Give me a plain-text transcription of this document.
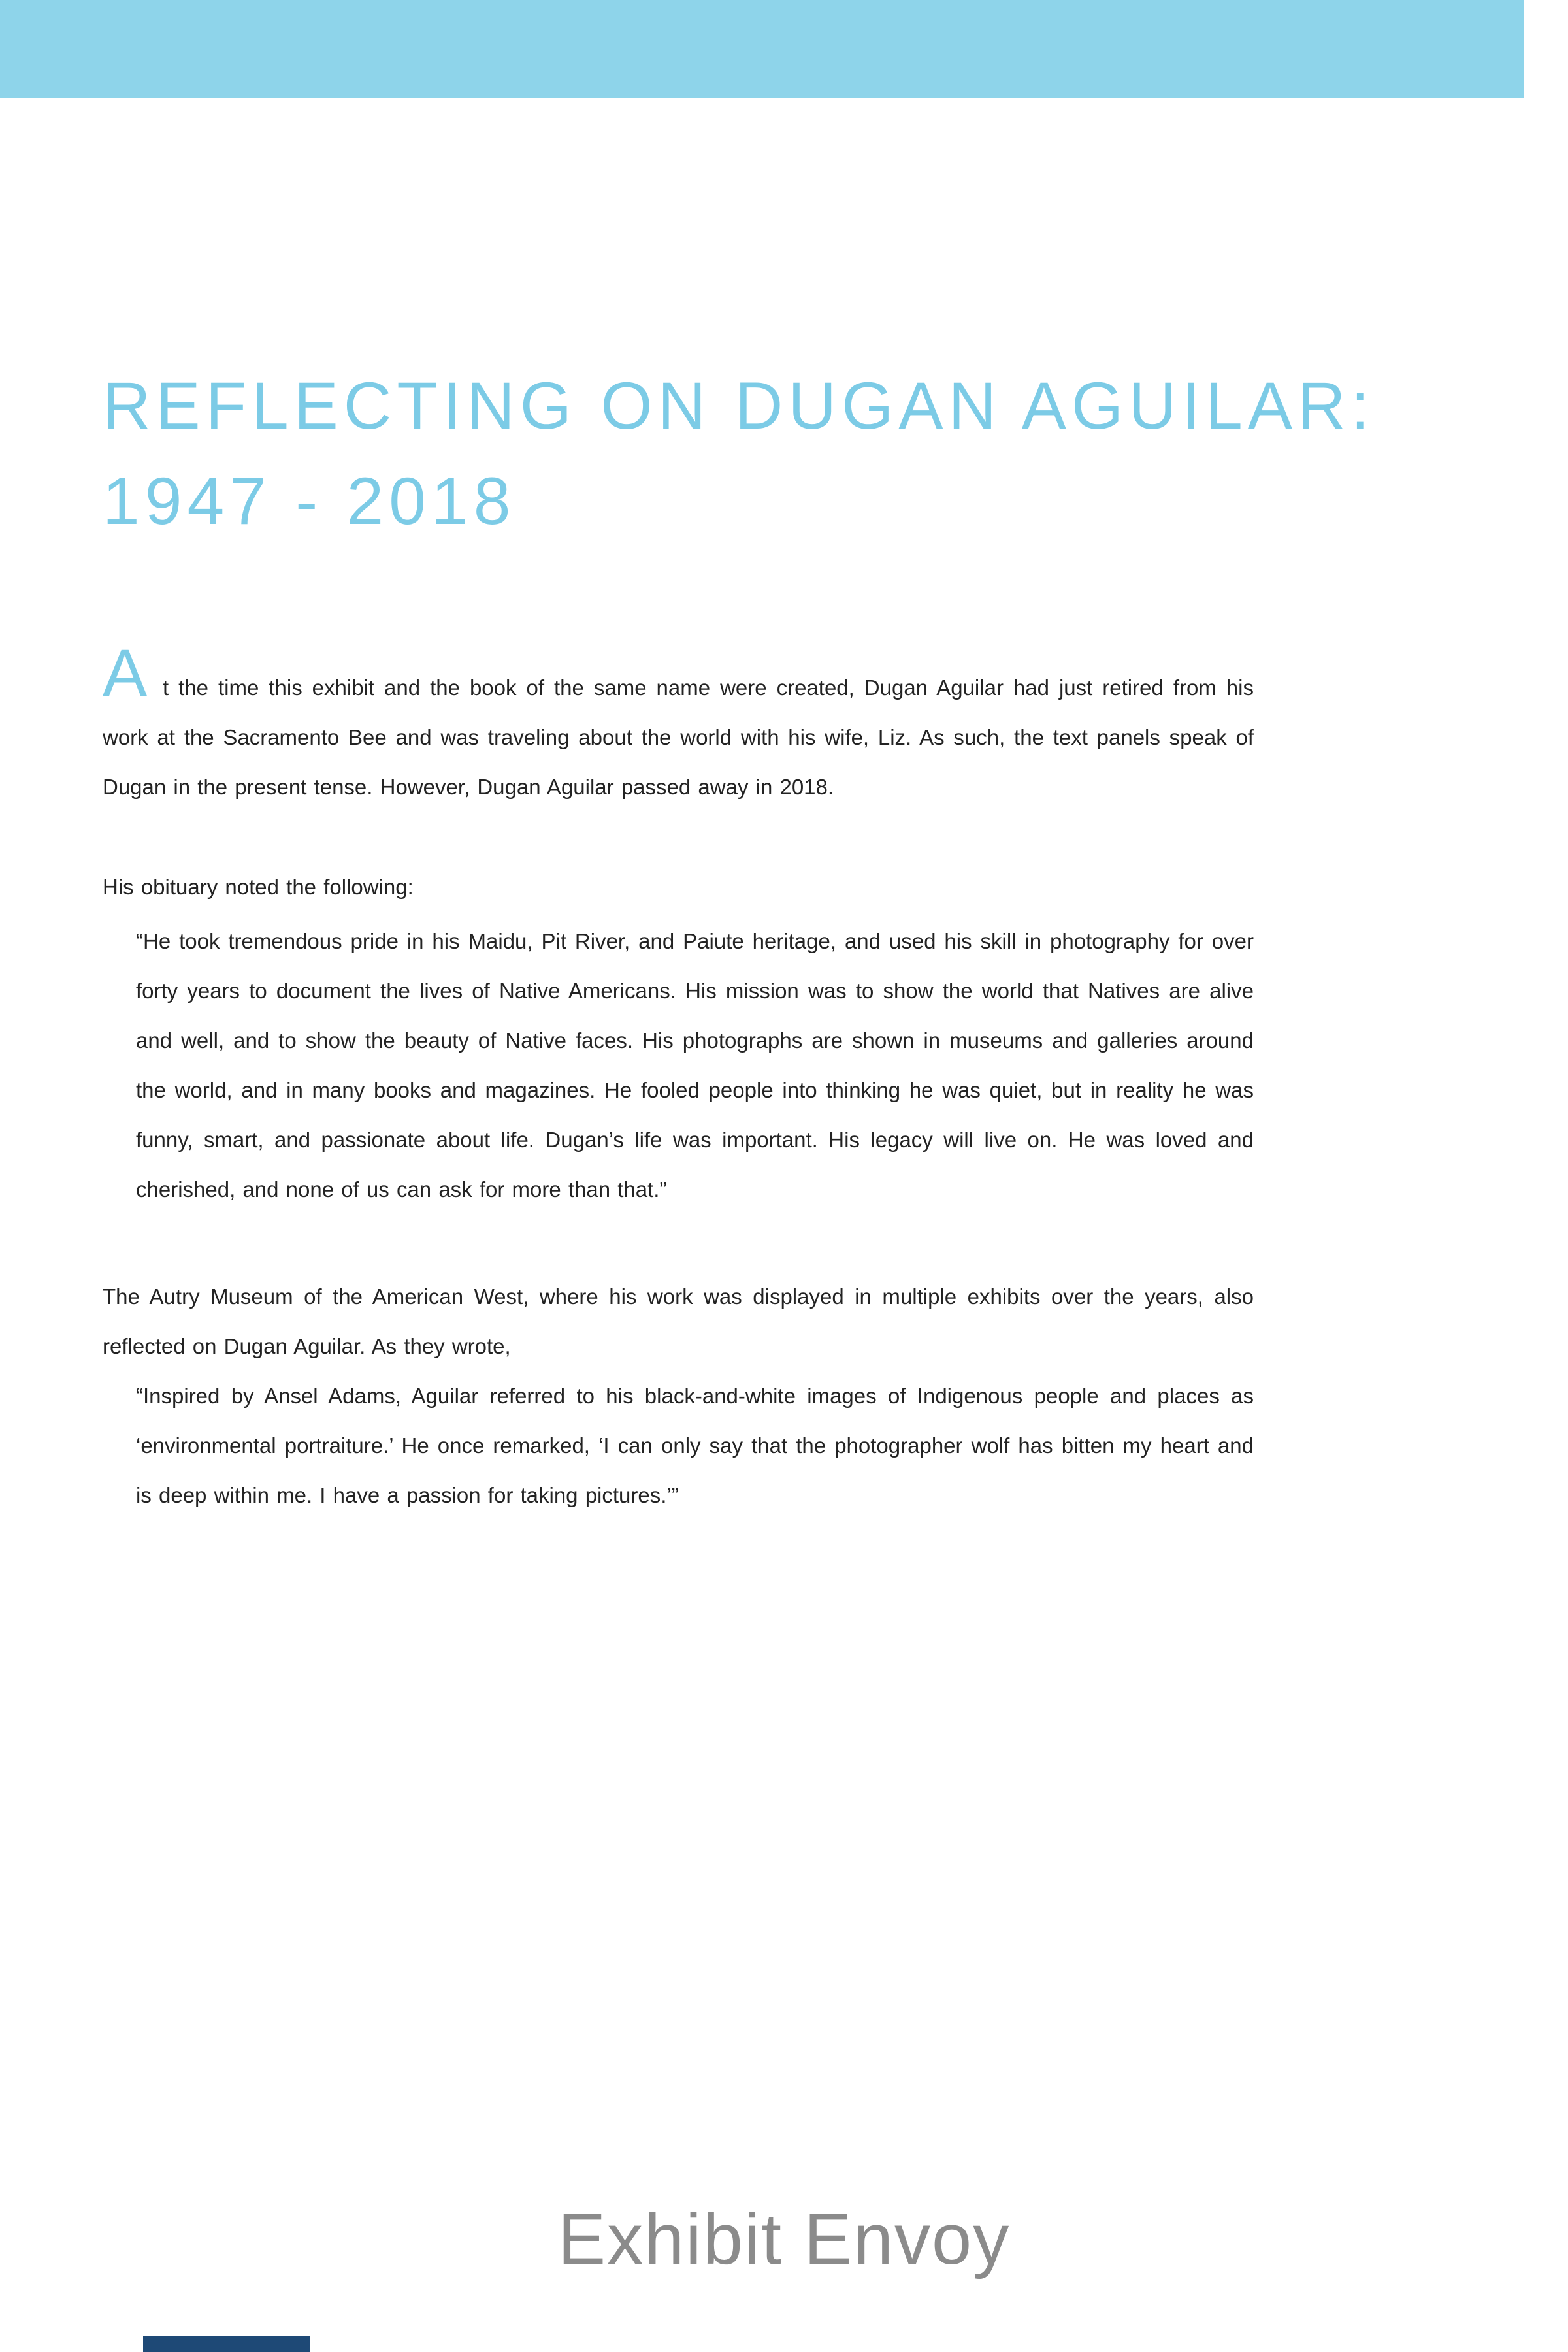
REFLECTING ON DUGAN AGUILAR:
1947 - 2018
A t the time this exhibit and the book of the same name were created, Dugan Aguilar had just retired from his work at the Sacramento Bee and was traveling about the world with his wife, Liz. As such, the text panels speak of Dugan in the present tense. However, Dugan Aguilar passed away in 2018.

His obituary noted the following:

“He took tremendous pride in his Maidu, Pit River, and Paiute heritage, and used his skill in photography for over forty years to document the lives of Native Americans. His mission was to show the world that Natives are alive and well, and to show the beauty of Native faces. His photographs are shown in museums and galleries around the world, and in many books and magazines. He fooled people into thinking he was quiet, but in reality he was funny, smart, and passionate about life. Dugan’s life was important. His legacy will live on. He was loved and cherished, and none of us can ask for more than that.”

The Autry Museum of the American West, where his work was displayed in multiple exhibits over the years, also reflected on Dugan Aguilar. As they wrote,

“Inspired by Ansel Adams, Aguilar referred to his black-and-white images of Indigenous people and places as ‘environmental portraiture.’ He once remarked, ‘I can only say that the photographer wolf has bitten my heart and is deep within me. I have a passion for taking pictures.’”

Exhibit Envoy
